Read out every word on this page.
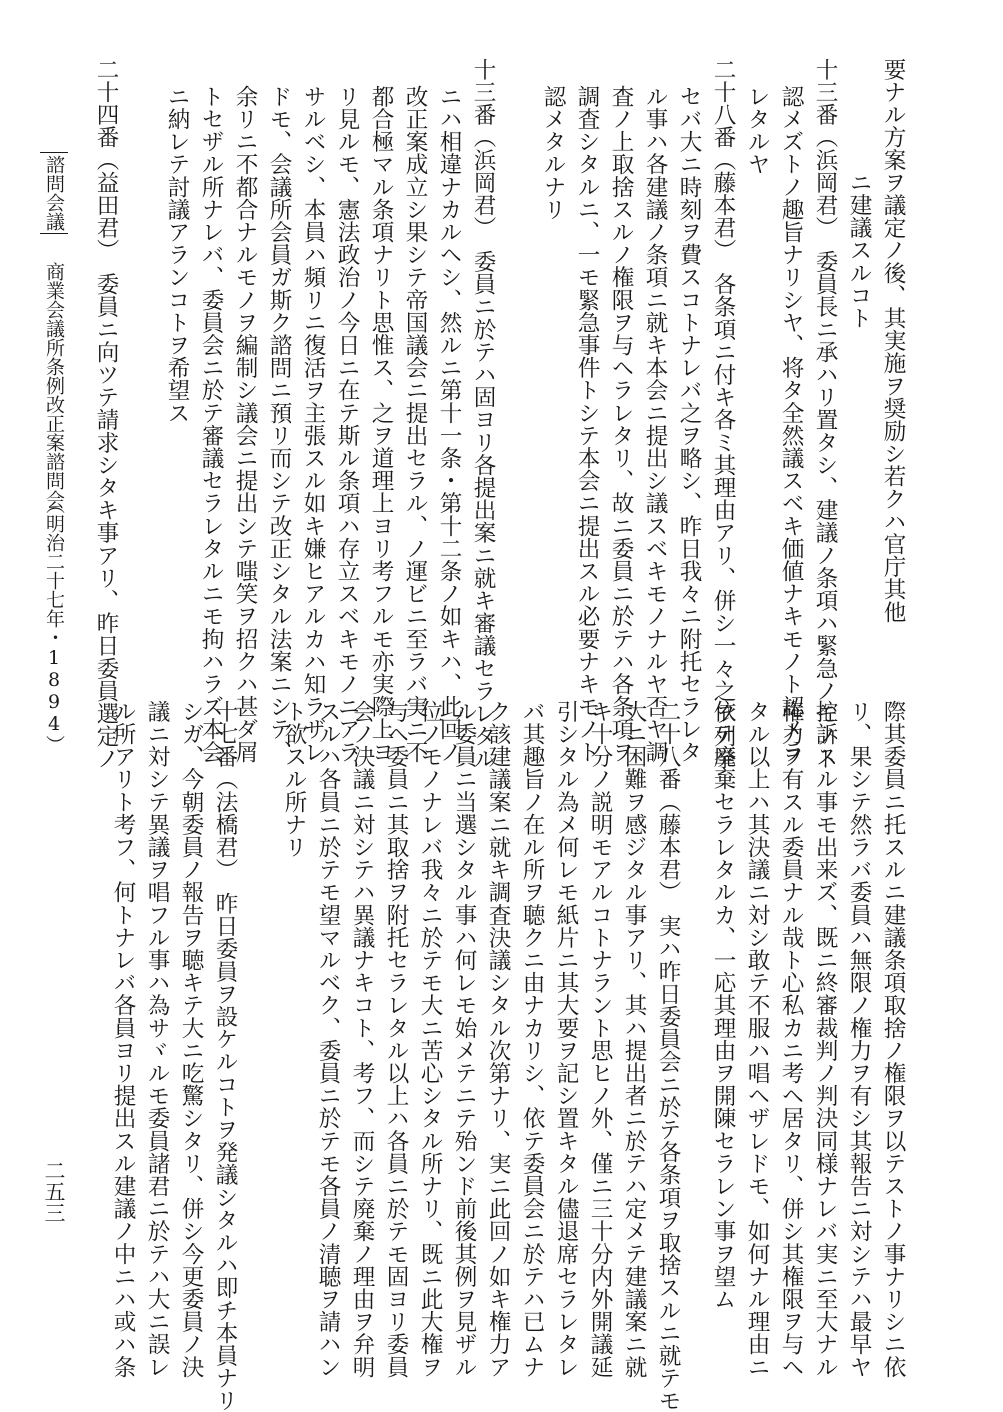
要ナル方案ヲ議定ノ後、其実施ヲ奨励シ若クハ官庁其他
ニ建議スルコト
十三番（浜岡君）　委員長ニ承ハリ置タシ、建議ノ条項ハ緊急ノモノト
認メズトノ趣旨ナリシヤ、将タ全然議スベキ価値ナキモノト認メラ
レタルヤ
二十八番（藤本君）　各条項ニ付キ各ミ其理由アリ、併シ一々之ヲ列挙
セバ大ニ時刻ヲ費スコトナレバ之ヲ略シ、昨日我々ニ附托セラレタ
ル事ハ各建議ノ条項ニ就キ本会ニ提出シ議スベキモノナルヤ否ヤ調
査ノ上取捨スルノ権限ヲ与ヘラレタリ、故ニ委員ニ於テハ各条項ヲ
調査シタルニ、一モ緊急事件トシテ本会ニ提出スル必要ナキモノト
認メタルナリ
十三番（浜岡君）　委員ニ於テハ固ヨリ各提出案ニ就キ審議セラレタル
ニハ相違ナカルヘシ、然ルニ第十一条・第十二条ノ如キハ、此回ノ
改正案成立シ果シテ帝国議会ニ提出セラル、ノ運ビニ至ラバ実ニ不
都合極マル条項ナリト思惟ス、之ヲ道理上ヨリ考フルモ亦実際上ヨ
リ見ルモ、憲法政治ノ今日ニ在テ斯ル条項ハ存立スベキモノニアラ
サルベシ、本員ハ頻リニ復活ヲ主張スル如キ嫌ヒアルカハ知ラザレ
ドモ、会議所会員ガ斯ク諮問ニ預リ而シテ改正シタル法案ニシテ、
余リニ不都合ナルモノヲ編制シ議会ニ提出シテ嗤笑ヲ招クハ甚ダ屑
トセザル所ナレバ、委員会ニ於テ審議セラレタルニモ拘ハラズ本会
ニ納レテ討議アランコトヲ希望ス
二十四番（益田君）　委員ニ向ツテ請求シタキ事アリ、昨日委員選定ノ
諮問会議
商業会議所条例改正案諮問会
（明治二十七年・1894）
際其委員ニ托スルニ建議条項取捨ノ権限ヲ以テストノ事ナリシニ依
リ、果シテ然ラバ委員ハ無限ノ権力ヲ有シ其報告ニ対シテハ最早ヤ
控訴スル事モ出来ズ、既ニ終審裁判ノ判決同様ナレバ実ニ至大ナル
権力ヲ有スル委員ナル哉ト心私カニ考ヘ居タリ、併シ其権限ヲ与ヘ
タル以上ハ其決議ニ対シ敢テ不服ハ唱ヘザレドモ、如何ナル理由ニ
依テ廃棄セラレタルカ、一応其理由ヲ開陳セラレン事ヲ望ム
二十八番（藤本君）　実ハ昨日委員会ニ於テ各条項ヲ取捨スルニ就テモ
大ニ困難ヲ感ジタル事アリ、其ハ提出者ニ於テハ定メテ建議案ニ就
キ十分ノ説明モアルコトナラント思ヒノ外、僅ニ三十分内外開議延
引シタル為メ何レモ紙片ニ其大要ヲ記シ置キタル儘退席セラレタレ
バ其趣旨ノ在ル所ヲ聴クニ由ナカリシ、依テ委員会ニ於テハ已ムナ
ク該建議案ニ就キ調査決議シタル次第ナリ、実ニ此回ノ如キ権力ア
ル委員ニ当選シタル事ハ何レモ始メテニテ殆ンド前後其例ヲ見ザル
位ノモノナレバ我々ニ於テモ大ニ苦心シタル所ナリ、既ニ此大権ヲ
与ヘ委員ニ其取捨ヲ附托セラレタル以上ハ各員ニ於テモ固ヨリ委員
会ノ決議ニ対シテハ異議ナキコト、考フ、而シテ廃棄ノ理由ヲ弁明
スルハ各員ニ於テモ望マルベク、委員ニ於テモ各員ノ清聴ヲ請ハン
ト欲スル所ナリ
十七番（法橋君）　昨日委員ヲ設ケルコトヲ発議シタルハ即チ本員ナリ
シガ、今朝委員ノ報告ヲ聴キテ大ニ吃驚シタリ、併シ今更委員ノ決
議ニ対シテ異議ヲ唱フル事ハ為サヾルモ委員諸君ニ於テハ大ニ誤レ
ル所アリト考フ、何トナレバ各員ヨリ提出スル建議ノ中ニハ或ハ条
二五三
